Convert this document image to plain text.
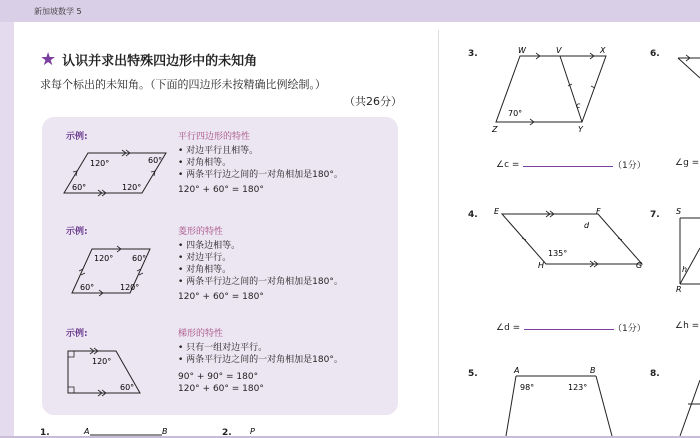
新加坡数学 5
★ 认识并求出特殊四边形中的未知角
求每个标出的未知角。（下面的四边形未按精确比例绘制。）
（共26分）
示例:
120°	60°
60°	120°
平行四边形的特性
• 对边平行且相等。
• 对角相等。
• 两条平行边之间的一对角相加是180°。
120° + 60° = 180°
示例:
120°
120°
60°
60°
菱形的特性
• 四条边相等。
• 对边平行。
• 对角相等。
• 两条平行边之间的一对角相加是180°。
120° + 60° = 180°
示例:
120°
60°
梯形的特性
• 只有一组对边平行。
• 两条平行边之间的一对角相加是180°。
90° + 90° = 180°
120° + 60° = 180°
1.	A	B	2. P
3.	W	V	X
Z	Y
70°
c
∠c =	（1分）
4. E	F
H	G
135°
d
∠d =	（1分）
5.	A	B
98°	123°
6.
∠g =
7. S
R
h
∠h =
8.
